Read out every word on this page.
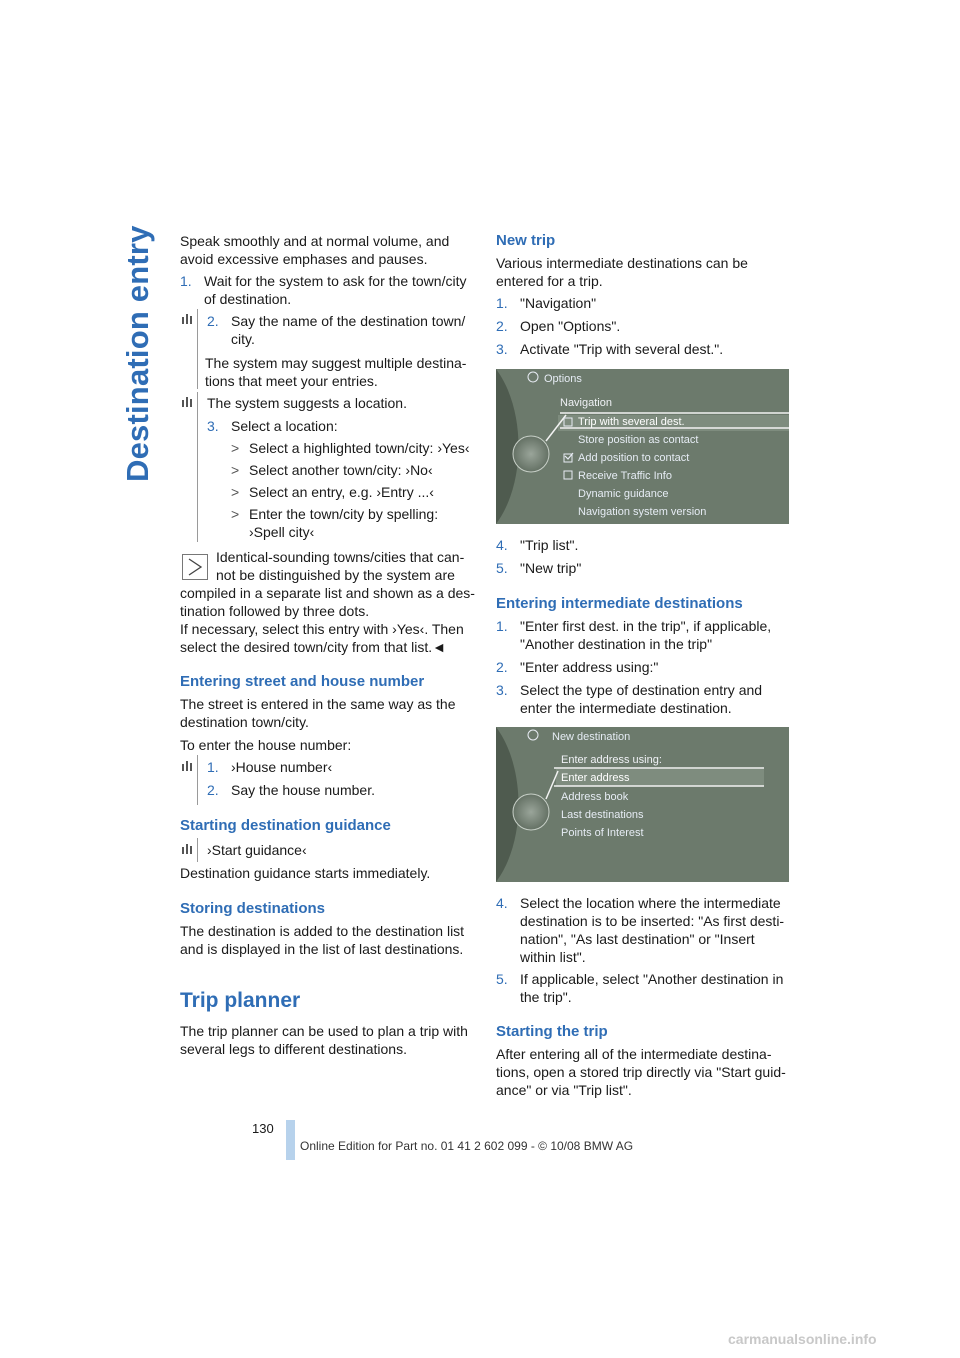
Destination entry Speak smoothly and at normal volume, and

avoid excessive emphases and pauses.

1. Wait for the system to ask for the town/city

of destination.

2. Say the name of the destination town/

city.

The system may suggest multiple destina-

tions that meet your entries.

The system suggests a location.

3. Select a location:

> Select a highlighted town/city: ›Yes‹

> Select another town/city: ›No‹

> Select an entry, e.g. ›Entry ...‹

> Enter the town/city by spelling:

›Spell city‹

Identical-sounding towns/cities that can-

not be distinguished by the system are

compiled in a separate list and shown as a des-

tination followed by three dots.

If necessary, select this entry with ›Yes‹. Then

select the desired town/city from that list.◄

Entering street and house number

The street is entered in the same way as the

destination town/city.

To enter the house number:

1. ›House number‹

2. Say the house number.

Starting destination guidance

›Start guidance‹

Destination guidance starts immediately.

Storing destinations

The destination is added to the destination list

and is displayed in the list of last destinations.

Trip planner

The trip planner can be used to plan a trip with

several legs to different destinations.

New trip

Various intermediate destinations can be

entered for a trip.

1. "Navigation"

2. Open "Options".

3. Activate "Trip with several dest.".

Options
Navigation
Trip with several dest.
Store position as contact
Add position to contact
Receive Traffic Info
Dynamic guidance
Navigation system version
4. "Trip list".

5. "New trip"

Entering intermediate destinations

1. "Enter first dest. in the trip", if applicable,

"Another destination in the trip"

2. "Enter address using:"

3. Select the type of destination entry and

enter the intermediate destination.

New destination
Enter address using:
Enter address
Address book
Last destinations
Points of Interest
4. Select the location where the intermediate

destination is to be inserted: "As first desti-

nation", "As last destination" or "Insert

within list".

5. If applicable, select "Another destination in

the trip".

Starting the trip

After entering all of the intermediate destina-

tions, open a stored trip directly via "Start guid-

ance" or via "Trip list".

130

Online Edition for Part no. 01 41 2 602 099 - © 10/08 BMW AG

carmanualsonline.info
